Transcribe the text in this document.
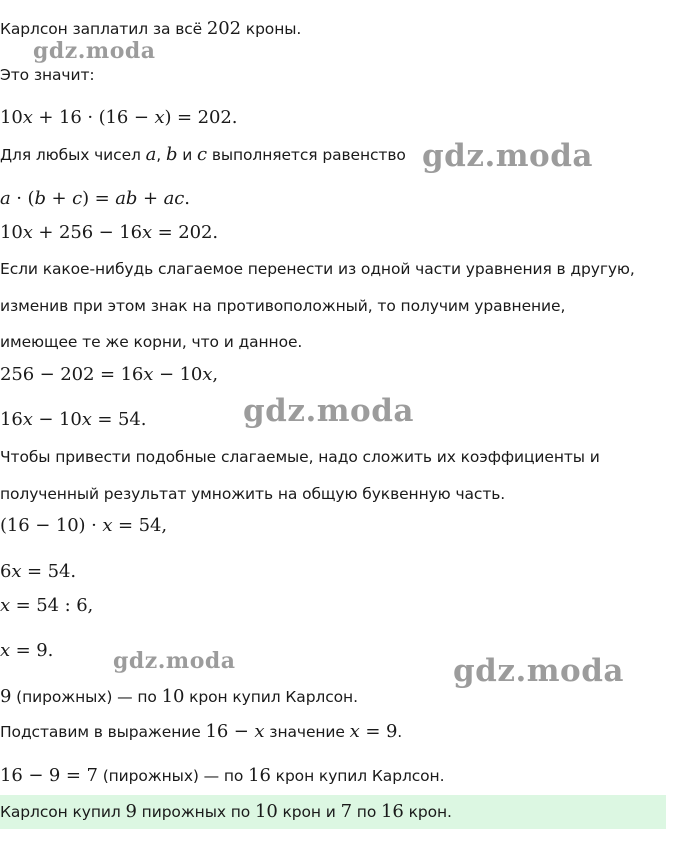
Карлсон заплатил за всё 202 кроны.
Это значит:
10x + 16 · (16 − x) = 202.
Для любых чисел a, b и c выполняется равенство
a · (b + c) = ab + ac.
10x + 256 − 16x = 202.
Если какое-нибудь слагаемое перенести из одной части уравнения в другую,
изменив при этом знак на противоположный, то получим уравнение,
имеющее те же корни, что и данное.
256 − 202 = 16x − 10x,
16x − 10x = 54.
Чтобы привести подобные слагаемые, надо сложить их коэффициенты и
полученный результат умножить на общую буквенную часть.
(16 − 10) · x = 54,
6x = 54.
x = 54 : 6,
x = 9.
9 (пирожных) — по 10 крон купил Карлсон.
Подставим в выражение 16 − x значение x = 9.
16 − 9 = 7 (пирожных) — по 16 крон купил Карлсон.
Карлсон купил 9 пирожных по 10 крон и 7 по 16 крон.
gdz.moda
gdz.moda
gdz.moda
gdz.moda	gdz.moda
